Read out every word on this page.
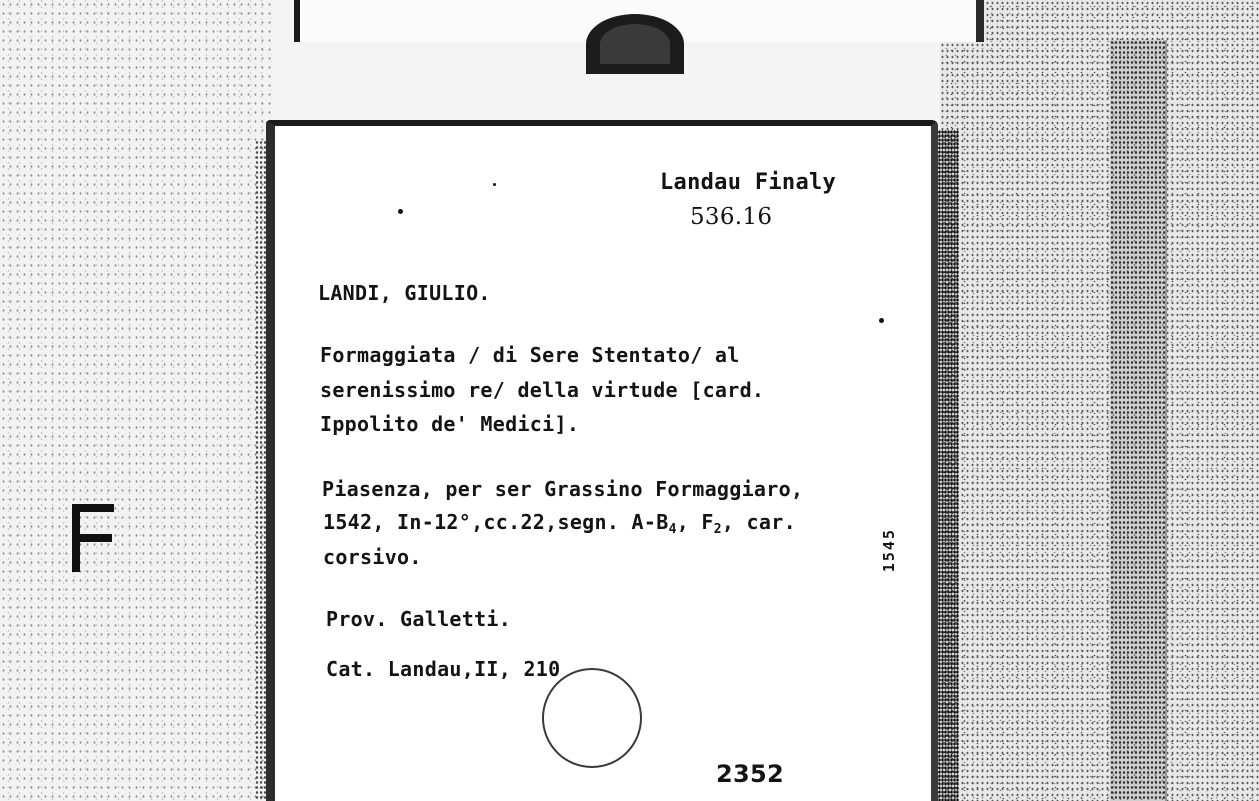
Landau Finaly
536.16
LANDI, GIULIO.
Formaggiata / di Sere Stentato/ al
serenissimo re/ della virtude [card.
Ippolito de' Medici].
Piasenza, per ser Grassino Formaggiaro,
1542, In-12°,cc.22,segn. $A-B_4$, $F_2$, car.
corsivo.	1545
Prov. Galletti.
Cat. Landau,II, 210
2352
